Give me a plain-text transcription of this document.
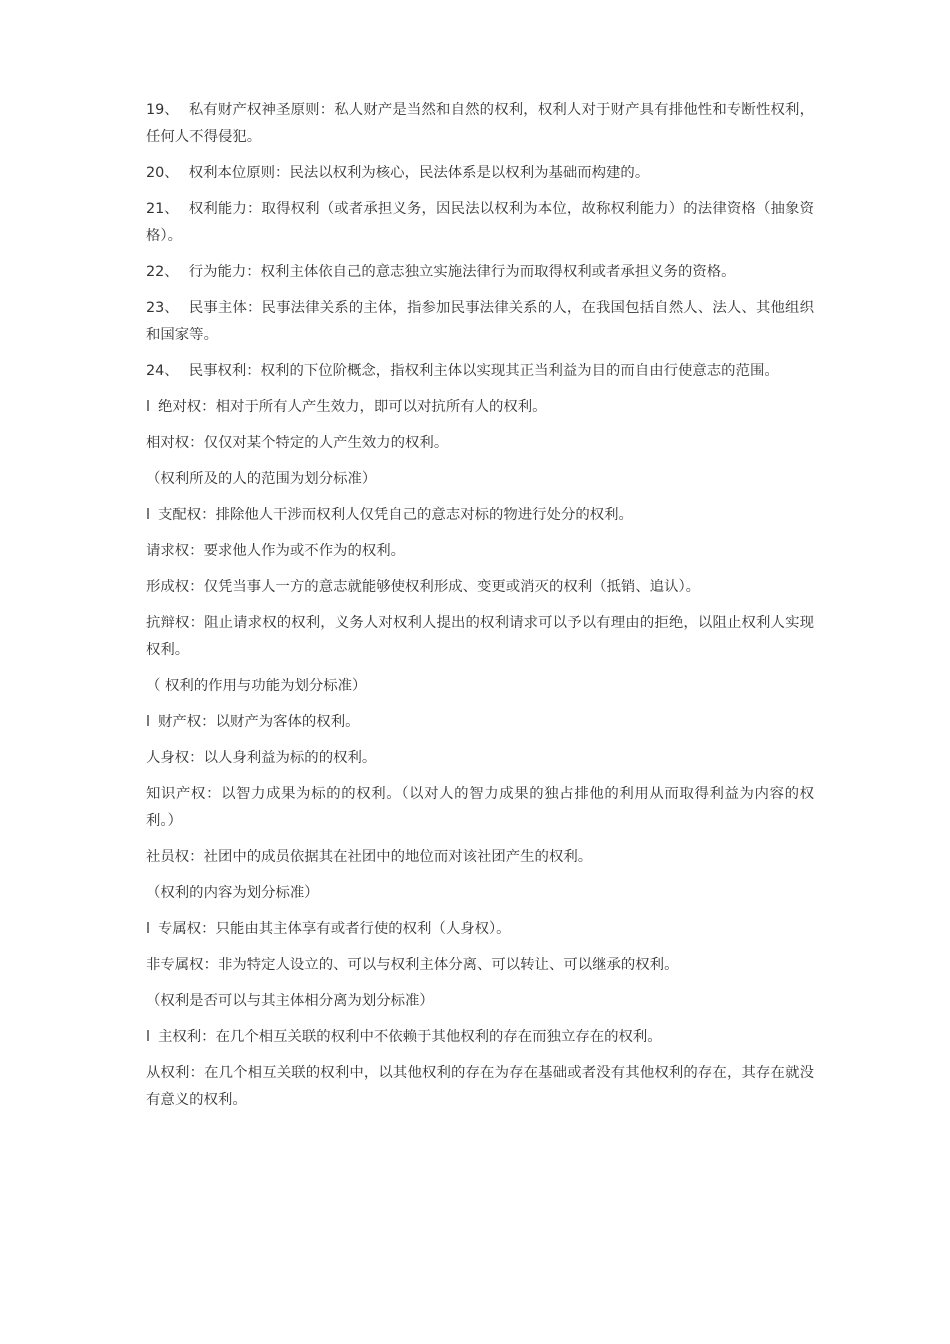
19、 私有财产权神圣原则：私人财产是当然和自然的权利，权利人对于财产具有排他性和专断性权利，任何人不得侵犯。

20、 权利本位原则：民法以权利为核心，民法体系是以权利为基础而构建的。

21、 权利能力：取得权利（或者承担义务，因民法以权利为本位，故称权利能力）的法律资格（抽象资格）。

22、 行为能力：权利主体依自己的意志独立实施法律行为而取得权利或者承担义务的资格。

23、 民事主体：民事法律关系的主体，指参加民事法律关系的人，在我国包括自然人、法人、其他组织和国家等。

24、 民事权利：权利的下位阶概念，指权利主体以实现其正当利益为目的而自由行使意志的范围。

l 绝对权：相对于所有人产生效力，即可以对抗所有人的权利。

相对权：仅仅对某个特定的人产生效力的权利。

（权利所及的人的范围为划分标准）

l 支配权：排除他人干涉而权利人仅凭自己的意志对标的物进行处分的权利。

请求权：要求他人作为或不作为的权利。

形成权：仅凭当事人一方的意志就能够使权利形成、变更或消灭的权利（抵销、追认）。

抗辩权：阻止请求权的权利，义务人对权利人提出的权利请求可以予以有理由的拒绝，以阻止权利人实现权利。

（ 权利的作用与功能为划分标准）

l 财产权：以财产为客体的权利。

人身权：以人身利益为标的的权利。

知识产权：以智力成果为标的的权利。（以对人的智力成果的独占排他的利用从而取得利益为内容的权利。）

社员权：社团中的成员依据其在社团中的地位而对该社团产生的权利。

（权利的内容为划分标准）

l 专属权：只能由其主体享有或者行使的权利（人身权）。

非专属权：非为特定人设立的、可以与权利主体分离、可以转让、可以继承的权利。

（权利是否可以与其主体相分离为划分标准）

l 主权利：在几个相互关联的权利中不依赖于其他权利的存在而独立存在的权利。

从权利：在几个相互关联的权利中，以其他权利的存在为存在基础或者没有其他权利的存在，其存在就没有意义的权利。
